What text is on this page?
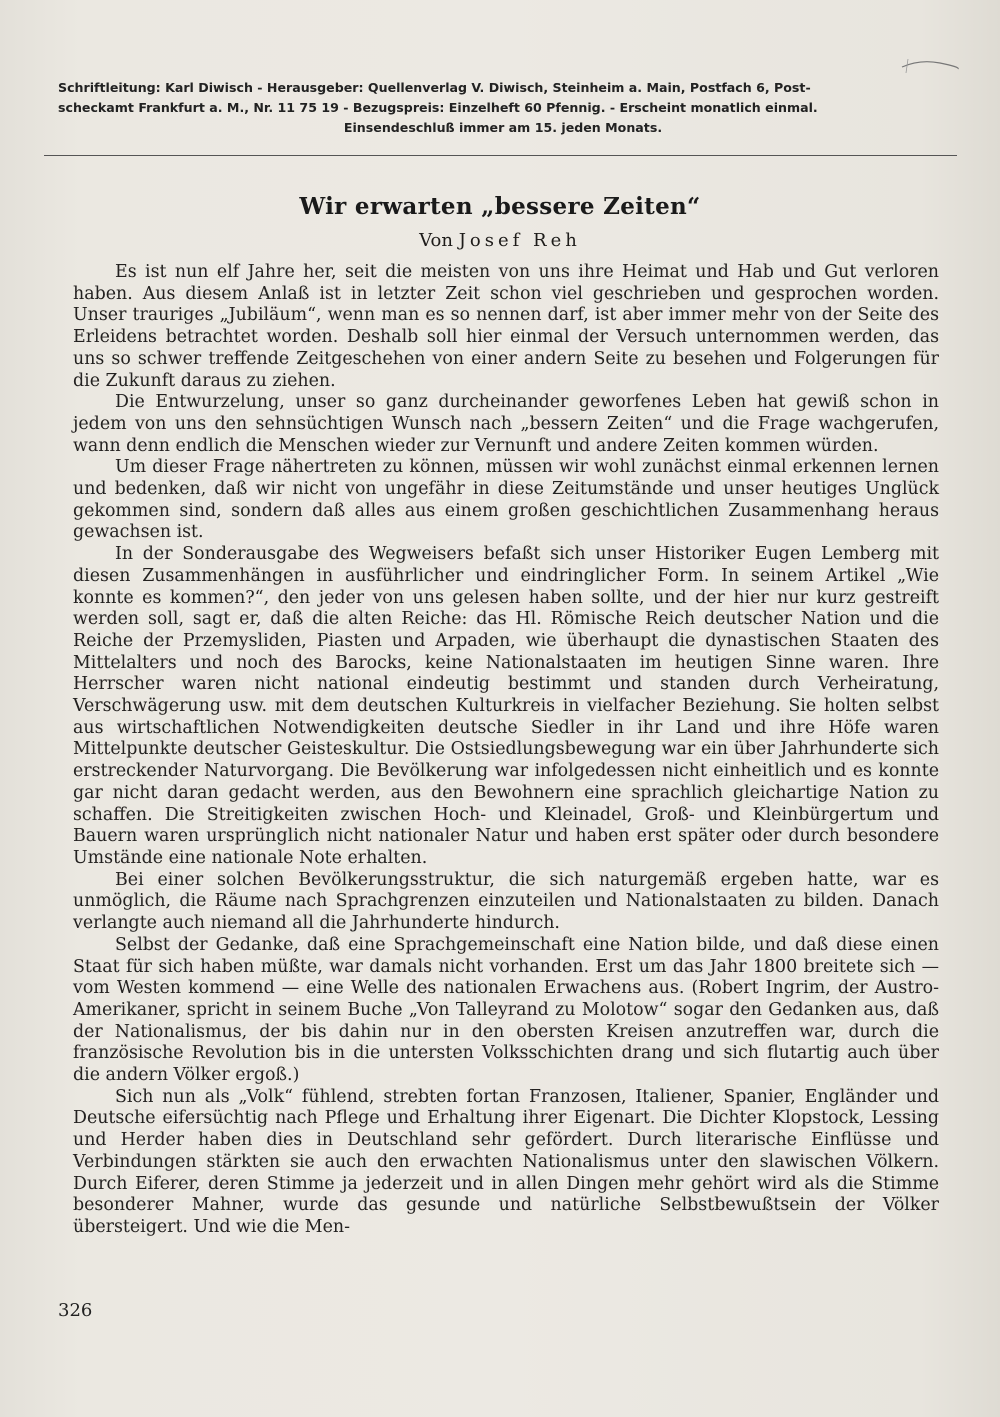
Schriftleitung: Karl Diwisch - Herausgeber: Quellenverlag V. Diwisch, Steinheim a. Main, Postfach 6, Post-
scheckamt Frankfurt a. M., Nr. 11 75 19 - Bezugspreis: Einzelheft 60 Pfennig. - Erscheint monatlich einmal.
Einsendeschluß immer am 15. jeden Monats.
Wir erwarten „bessere Zeiten“
Von Josef Reh

Es ist nun elf Jahre her, seit die meisten von uns ihre Heimat und Hab und Gut verloren haben. Aus diesem Anlaß ist in letzter Zeit schon viel geschrieben und gesprochen worden. Unser trauriges „Jubiläum“, wenn man es so nennen darf, ist aber immer mehr von der Seite des Erleidens betrachtet worden. Deshalb soll hier einmal der Versuch unternommen werden, das uns so schwer treffende Zeitgeschehen von einer andern Seite zu besehen und Folgerungen für die Zukunft daraus zu ziehen.

Die Entwurzelung, unser so ganz durcheinander geworfenes Leben hat gewiß schon in jedem von uns den sehnsüchtigen Wunsch nach „bessern Zeiten“ und die Frage wachgerufen, wann denn endlich die Menschen wieder zur Vernunft und andere Zeiten kommen würden.

Um dieser Frage nähertreten zu können, müssen wir wohl zunächst einmal erkennen lernen und bedenken, daß wir nicht von ungefähr in diese Zeitumstände und unser heutiges Unglück gekommen sind, sondern daß alles aus einem großen geschichtlichen Zusammenhang heraus gewachsen ist.

In der Sonderausgabe des Wegweisers befaßt sich unser Historiker Eugen Lemberg mit diesen Zusammenhängen in ausführlicher und eindringlicher Form. In seinem Artikel „Wie konnte es kommen?“, den jeder von uns gelesen haben sollte, und der hier nur kurz gestreift werden soll, sagt er, daß die alten Reiche: das Hl. Römische Reich deutscher Nation und die Reiche der Przemysliden, Piasten und Arpaden, wie überhaupt die dynastischen Staaten des Mittelalters und noch des Barocks, keine Nationalstaaten im heutigen Sinne waren. Ihre Herrscher waren nicht national eindeutig bestimmt und standen durch Verheiratung, Verschwägerung usw. mit dem deutschen Kulturkreis in vielfacher Beziehung. Sie holten selbst aus wirtschaftlichen Notwendigkeiten deutsche Siedler in ihr Land und ihre Höfe waren Mittelpunkte deutscher Geisteskultur. Die Ostsiedlungsbewegung war ein über Jahrhunderte sich erstreckender Naturvorgang. Die Bevölkerung war infolgedessen nicht einheitlich und es konnte gar nicht daran gedacht werden, aus den Bewohnern eine sprachlich gleichartige Nation zu schaffen. Die Streitigkeiten zwischen Hoch- und Kleinadel, Groß- und Kleinbürgertum und Bauern waren ursprünglich nicht nationaler Natur und haben erst später oder durch besondere Umstände eine nationale Note erhalten.

Bei einer solchen Bevölkerungsstruktur, die sich naturgemäß ergeben hatte, war es unmöglich, die Räume nach Sprachgrenzen einzuteilen und Nationalstaaten zu bilden. Danach verlangte auch niemand all die Jahrhunderte hindurch.

Selbst der Gedanke, daß eine Sprachgemeinschaft eine Nation bilde, und daß diese einen Staat für sich haben müßte, war damals nicht vorhanden. Erst um das Jahr 1800 breitete sich — vom Westen kommend — eine Welle des nationalen Erwachens aus. (Robert Ingrim, der Austro-Amerikaner, spricht in seinem Buche „Von Talleyrand zu Molotow“ sogar den Gedanken aus, daß der Nationalismus, der bis dahin nur in den obersten Kreisen anzutreffen war, durch die französische Revolution bis in die untersten Volksschichten drang und sich flutartig auch über die andern Völker ergoß.)

Sich nun als „Volk“ fühlend, strebten fortan Franzosen, Italiener, Spanier, Engländer und Deutsche eifersüchtig nach Pflege und Erhaltung ihrer Eigenart. Die Dichter Klopstock, Lessing und Herder haben dies in Deutschland sehr gefördert. Durch literarische Einflüsse und Verbindungen stärkten sie auch den erwachten Nationalismus unter den slawischen Völkern. Durch Eiferer, deren Stimme ja jederzeit und in allen Dingen mehr gehört wird als die Stimme besonderer Mahner, wurde das gesunde und natürliche Selbstbewußtsein der Völker übersteigert. Und wie die Men-

326
